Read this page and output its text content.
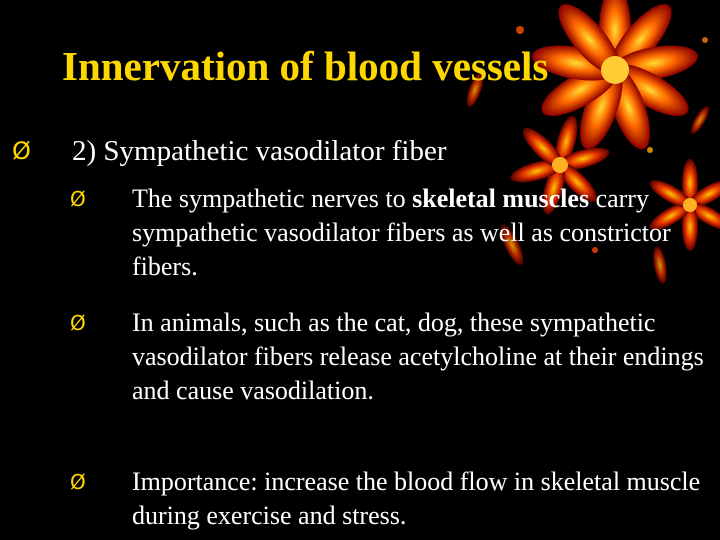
Innervation of blood vessels
Ø	2) Sympathetic vasodilator fiber
Ø	The sympathetic nerves to skeletal muscles carry sympathetic vasodilator fibers as well as constrictor fibers.
Ø	In animals, such as the cat, dog, these sympathetic vasodilator fibers release acetylcholine at their endings and cause vasodilation.
Ø	Importance: increase the blood flow in skeletal muscle during exercise and stress.
